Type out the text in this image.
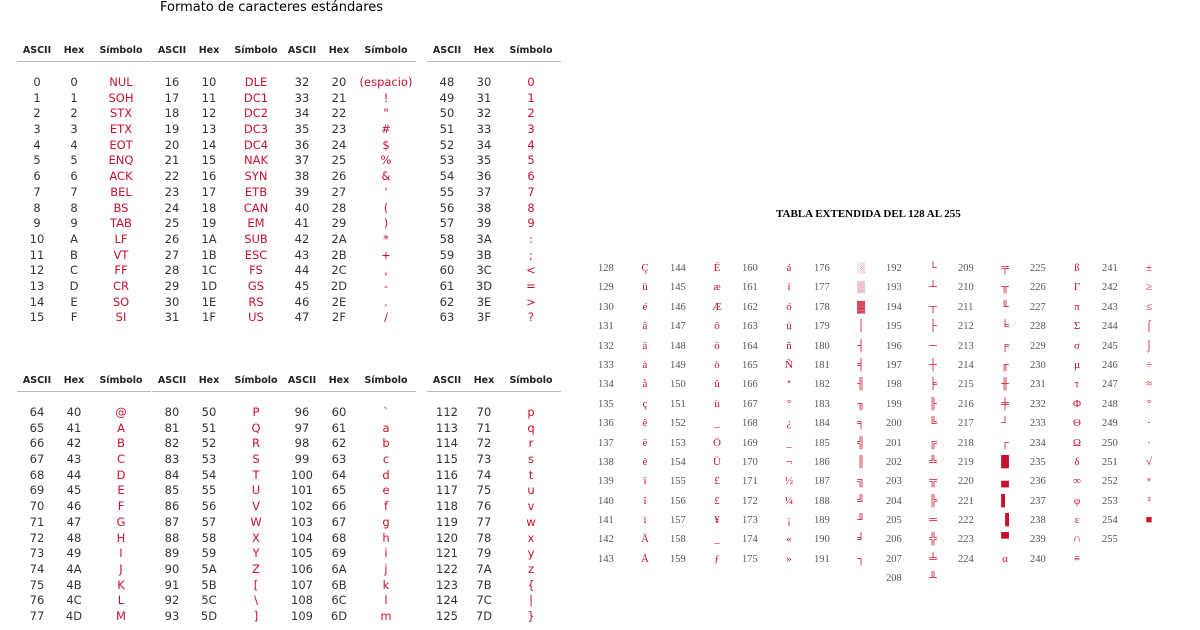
Formato de caracteres estándares
TABLA EXTENDIDA DEL 128 AL 255
ASCII	Hex	Símbolo
0	0	NUL
1	1	SOH
2	2	STX
3	3	ETX
4	4	EOT
5	5	ENQ
6	6	ACK
7	7	BEL
8	8	BS
9	9	TAB
10	A	LF
11	B	VT
12	C	FF
13	D	CR
14	E	SO
15	F	SI
ASCII	Hex	Símbolo
16	10	DLE
17	11	DC1
18	12	DC2
19	13	DC3
20	14	DC4
21	15	NAK
22	16	SYN
23	17	ETB
24	18	CAN
25	19	EM
26	1A	SUB
27	1B	ESC
28	1C	FS
29	1D	GS
30	1E	RS
31	1F	US
ASCII	Hex	Símbolo
32	20	(espacio)
33	21	!
34	22	"
35	23	#
36	24	$
37	25	%
38	26	&
39	27	'
40	28	(
41	29	)
42	2A	*
43	2B	+
44	2C	,
45	2D	-
46	2E	.
47	2F	/
ASCII	Hex	Símbolo
48	30	0
49	31	1
50	32	2
51	33	3
52	34	4
53	35	5
54	36	6
55	37	7
56	38	8
57	39	9
58	3A	:
59	3B	;
60	3C	<
61	3D	=
62	3E	>
63	3F	?
ASCII	Hex	Símbolo
64	40	@
65	41	A
66	42	B
67	43	C
68	44	D
69	45	E
70	46	F
71	47	G
72	48	H
73	49	I
74	4A	J
75	4B	K
76	4C	L
77	4D	M
ASCII	Hex	Símbolo
80	50	P
81	51	Q
82	52	R
83	53	S
84	54	T
85	55	U
86	56	V
87	57	W
88	58	X
89	59	Y
90	5A	Z
91	5B	[
92	5C	\
93	5D	]
ASCII	Hex	Símbolo
96	60	`
97	61	a
98	62	b
99	63	c
100	64	d
101	65	e
102	66	f
103	67	g
104	68	h
105	69	i
106	6A	j
107	6B	k
108	6C	l
109	6D	m
ASCII	Hex	Símbolo
112	70	p
113	71	q
114	72	r
115	73	s
116	74	t
117	75	u
118	76	v
119	77	w
120	78	x
121	79	y
122	7A	z
123	7B	{
124	7C	|
125	7D	}
128	Ç
129	ü
130	é
131	â
132	ä
133	à
134	å
135	ç
136	ê
137	ë
138	è
139	ï
140	î
141	ì
142	Ä
143	Å
144	É
145	æ
146	Æ
147	ô
148	ö
149	ò
150	û
151	ù
152	_
153	Ö
154	Ü
155	£
156	£
157	¥
158	_
159	ƒ
160	á
161	í
162	ó
163	ú
164	ñ
165	Ñ
166	ª
167	°
168	¿
169	_
170	¬
171	½
172	¼
173	¡
174	«
175	»
176	░
177	▒
178	▓
179	│
180	┤
181	╡
182	╢
183	╖
184	╕
185	╣
186	║
187	╗
188	╝
189	╜
190	╛
191	┐
192	└
193	┴
194	┬
195	├
196	─
197	┼
198	╞
199	╟
200	╚
201	╔
202	╩
203	╦
204	╠
205	═
206	╬
207	╧
208	╨
209	╤
210	╥
211	╙
212	╘
213	╒
214	╓
215	╫
216	╪
217	┘
218	┌
219	█
220	▄
221	▌
222	▐
223	▀
224	α
225	ß
226	Γ
227	π
228	Σ
229	σ
230	µ
231	τ
232	Φ
233	Θ
234	Ω
235	δ
236	∞
237	φ
238	ε
239	∩
240	≡
241	±
242	≥
243	≤
244	⌠
245	⌡
246	÷
247	≈
248	°
249	∙
250	·
251	√
252	ⁿ
253	²
254	■
255
